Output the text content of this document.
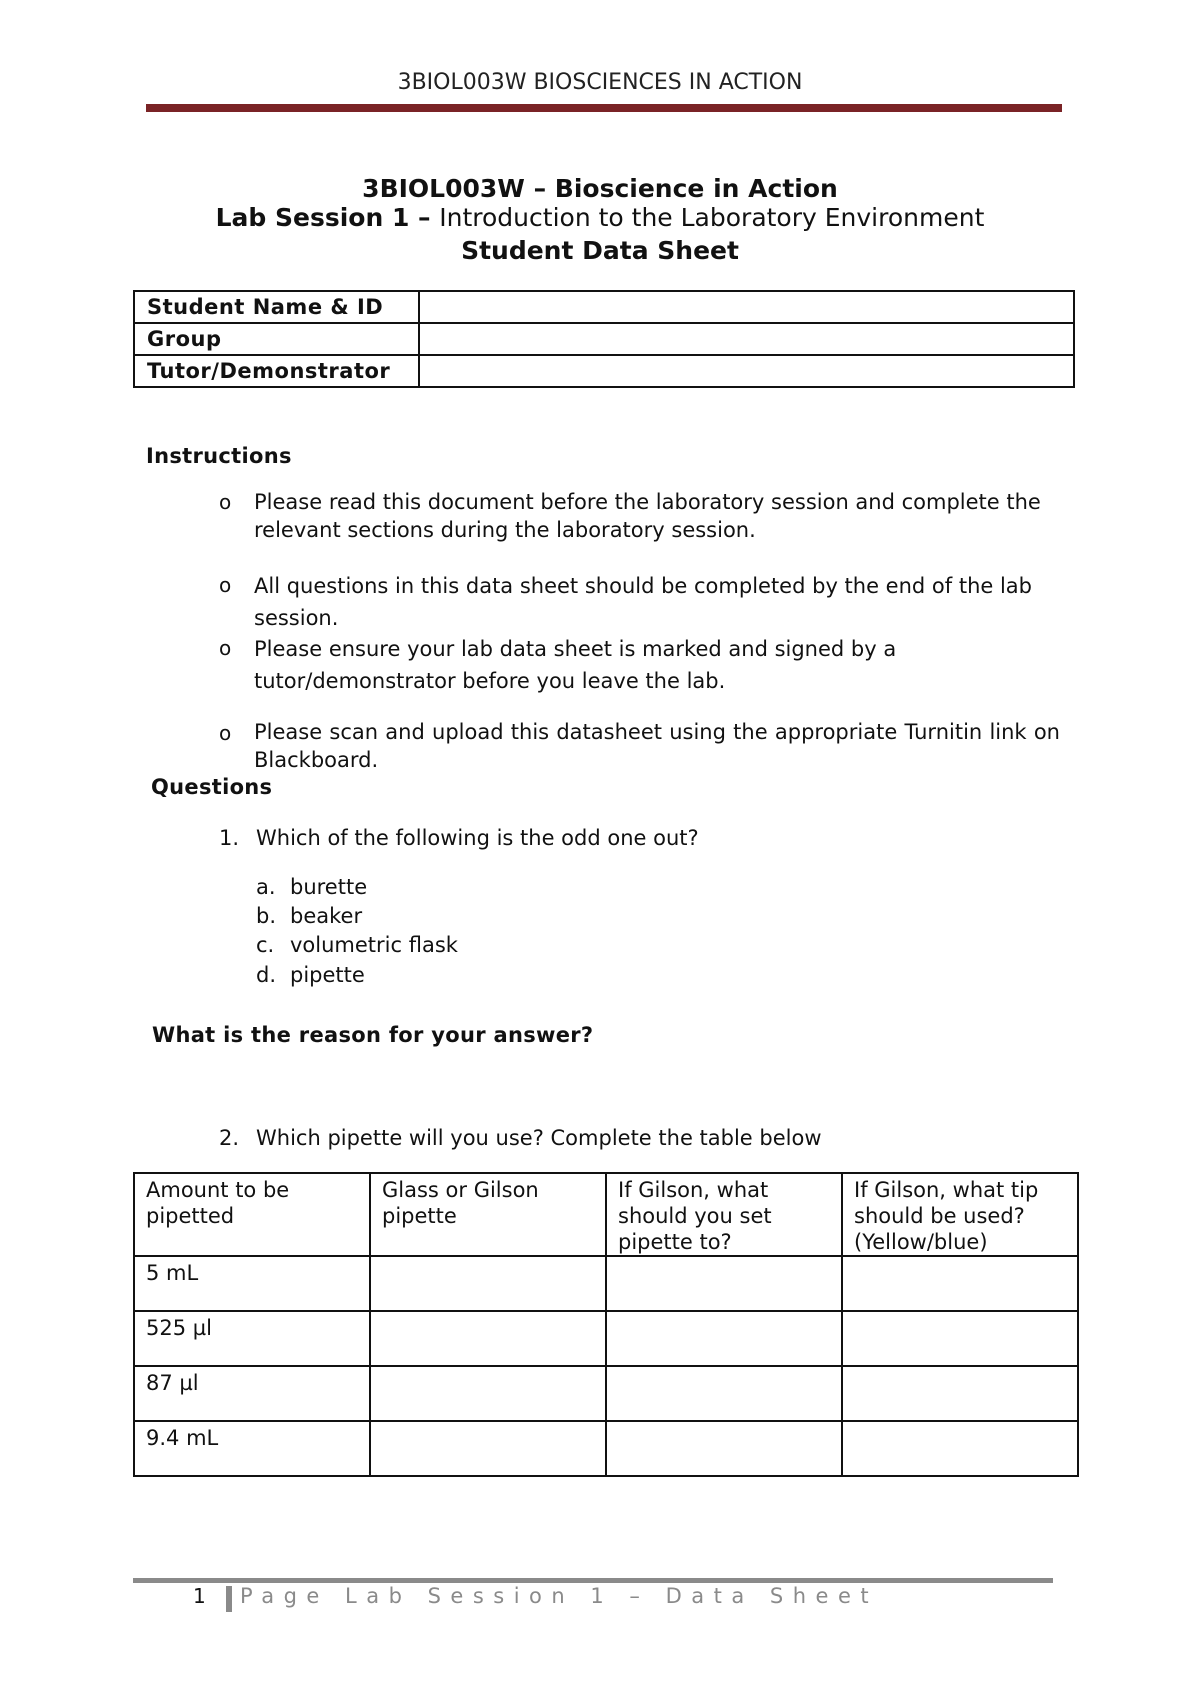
3BIOL003W BIOSCIENCES IN ACTION
3BIOL003W – Bioscience in Action
Lab Session 1 – Introduction to the Laboratory Environment
Student Data Sheet
Student Name & ID	
Group	
Tutor/Demonstrator	
Instructions
o Please read this document before the laboratory session and complete the relevant sections during the laboratory session.
o All questions in this data sheet should be completed by the end of the lab session.
o Please ensure your lab data sheet is marked and signed by a tutor/demonstrator before you leave the lab.
o Please scan and upload this datasheet using the appropriate Turnitin link on Blackboard.
Questions
1. Which of the following is the odd one out?
a. burette
b. beaker
c. volumetric flask
d. pipette
What is the reason for your answer?
2. Which pipette will you use? Complete the table below
Amount to be pipetted	Glass or Gilson pipette	If Gilson, what should you set pipette to?	If Gilson, what tip should be used? (Yellow/blue)
5 mL			
525 µl			
87 µl			
9.4 mL			
1 Page Lab Session 1 – Data Sheet
